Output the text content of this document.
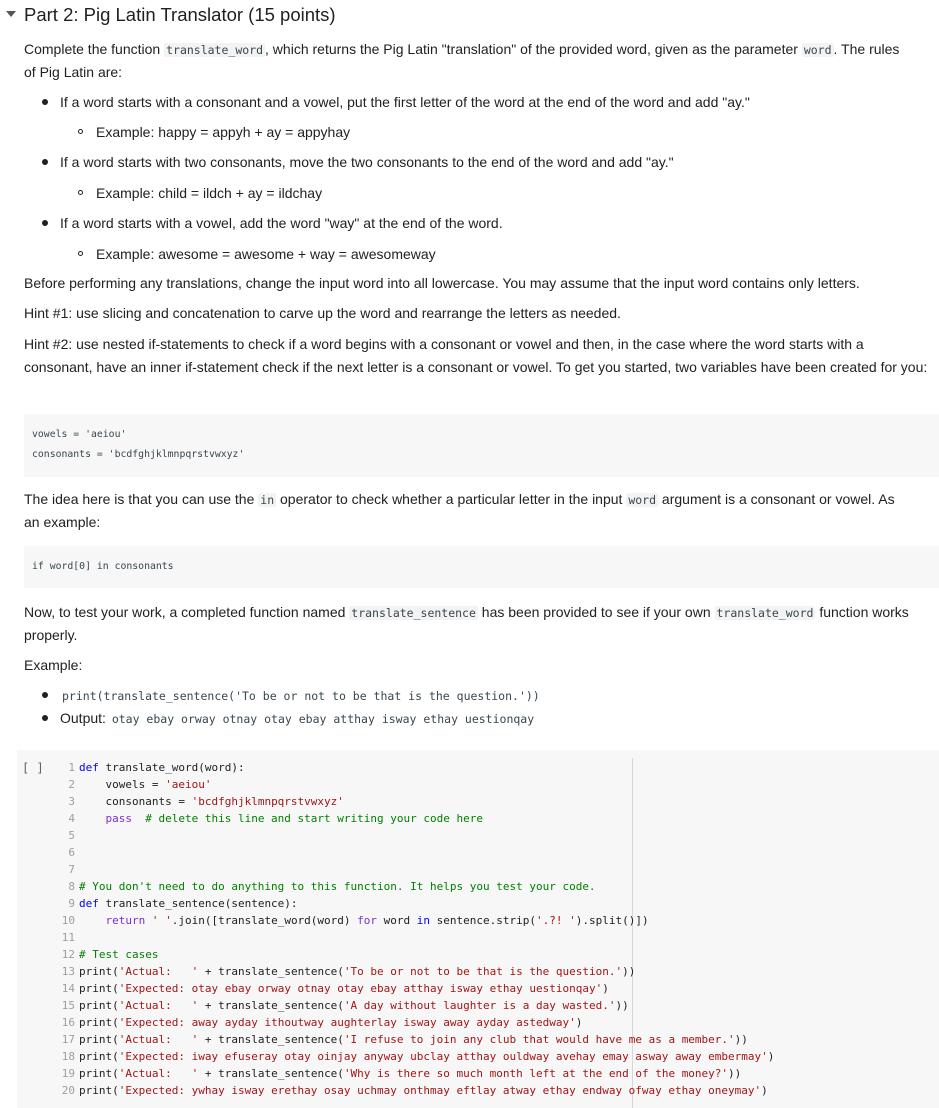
Part 2: Pig Latin Translator (15 points)
Complete the function translate_word , which returns the Pig Latin "translation" of the provided word, given as the parameter word . The rules
of Pig Latin are:
If a word starts with a consonant and a vowel, put the first letter of the word at the end of the word and add "ay."
Example: happy = appyh + ay = appyhay
If a word starts with two consonants, move the two consonants to the end of the word and add "ay."
Example: child = ildch + ay = ildchay
If a word starts with a vowel, add the word "way" at the end of the word.
Example: awesome = awesome + way = awesomeway
Before performing any translations, change the input word into all lowercase. You may assume that the input word contains only letters.
Hint #1: use slicing and concatenation to carve up the word and rearrange the letters as needed.
Hint #2: use nested if-statements to check if a word begins with a consonant or vowel and then, in the case where the word starts with a consonant, have an inner if-statement check if the next letter is a consonant or vowel. To get you started, two variables have been created for you:
vowels = 'aeiou'
consonants = 'bcdfghjklmnpqrstvwxyz'
The idea here is that you can use the in operator to check whether a particular letter in the input word argument is a consonant or vowel. As
an example:
if word[0] in consonants
Now, to test your work, a completed function named translate_sentence has been provided to see if your own translate_word function works
properly.
Example:
print(translate_sentence('To be or not to be that is the question.'))
Output: otay ebay orway otnay otay ebay atthay isway ethay uestionqay
[ ]	1 def translate_word(word):
2    vowels = 'aeiou'
3    consonants = 'bcdfghjklmnpqrstvwxyz'
4    pass  # delete this line and start writing your code here
5
6
7
8 # You don't need to do anything to this function. It helps you test your code.
9 def translate_sentence(sentence):
10    return ' '.join([translate_word(word) for word in sentence.strip('.?! ').split()])
11
12 # Test cases
13 print('Actual:   ' + translate_sentence('To be or not to be that is the question.'))
14 print('Expected: otay ebay orway otnay otay ebay atthay isway ethay uestionqay')
15 print('Actual:   ' + translate_sentence('A day without laughter is a day wasted.'))
16 print('Expected: away ayday ithoutway aughterlay isway away ayday astedway')
17 print('Actual:   ' + translate_sentence('I refuse to join any club that would have me as a member.'))
18 print('Expected: iway efuseray otay oinjay anyway ubclay atthay ouldway avehay emay asway away embermay')
19 print('Actual:   ' + translate_sentence('Why is there so much month left at the end of the money?'))
20 print('Expected: ywhay isway erethay osay uchmay onthmay eftlay atway ethay endway ofway ethay oneymay')
